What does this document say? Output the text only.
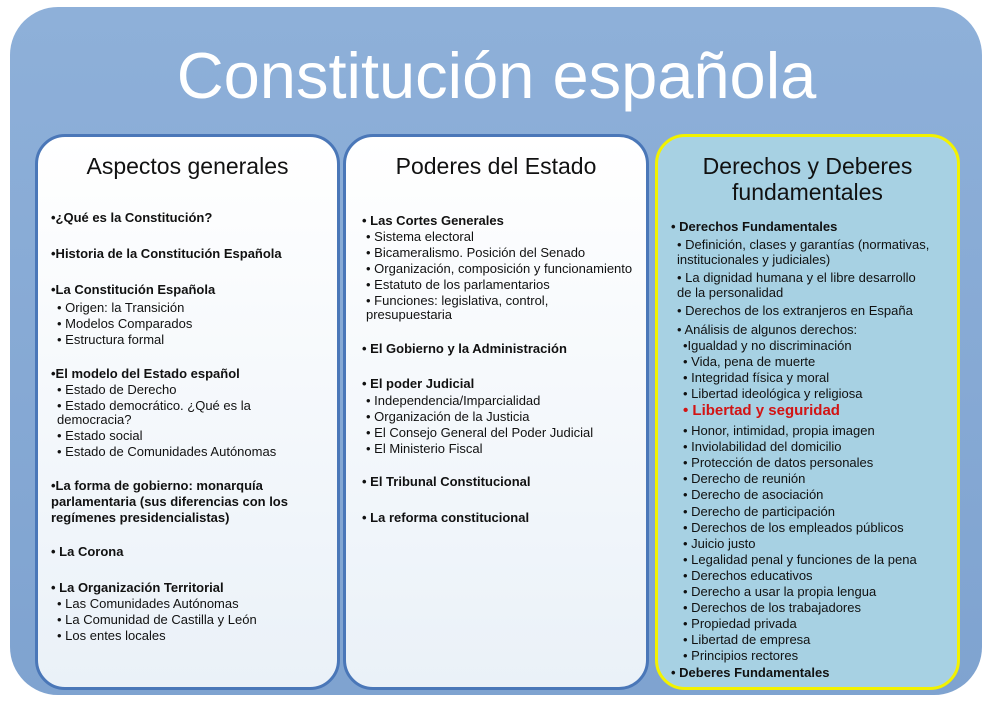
Constitución española
Aspectos generales
•¿Qué es la Constitución?
•Historia de la Constitución Española
•La Constitución Española
• Origen: la Transición
• Modelos Comparados
• Estructura formal
•El modelo del Estado español
• Estado de Derecho
• Estado democrático. ¿Qué es la
democracia?
• Estado social
• Estado de Comunidades Autónomas
•La forma de gobierno: monarquía
parlamentaria (sus diferencias con los
regímenes presidencialistas)
• La Corona
• La Organización Territorial
• Las Comunidades Autónomas
• La Comunidad de Castilla y León
• Los entes locales
Poderes del Estado
• Las Cortes Generales
• Sistema electoral
• Bicameralismo. Posición del Senado
• Organización, composición y funcionamiento
• Estatuto de los parlamentarios
• Funciones: legislativa, control,
presupuestaria
• El Gobierno y la Administración
• El poder Judicial
• Independencia/Imparcialidad
• Organización de la Justicia
• El Consejo General del Poder Judicial
• El Ministerio Fiscal
• El Tribunal Constitucional
• La reforma constitucional
Derechos y Deberes
fundamentales
• Derechos Fundamentales
• Definición, clases y garantías (normativas,
institucionales y judiciales)
• La dignidad humana y el libre desarrollo
de la personalidad
• Derechos de los extranjeros en España
• Análisis de algunos derechos:
•Igualdad y no discriminación
• Vida, pena de muerte
• Integridad física y moral
• Libertad ideológica y religiosa
• Libertad y seguridad
• Honor, intimidad, propia imagen
• Inviolabilidad del domicilio
• Protección de datos personales
• Derecho de reunión
• Derecho de asociación
• Derecho de participación
• Derechos de los empleados públicos
• Juicio justo
• Legalidad penal y funciones de la pena
• Derechos educativos
• Derecho a usar la propia lengua
• Derechos de los trabajadores
• Propiedad privada
• Libertad de empresa
• Principios rectores
• Deberes Fundamentales
